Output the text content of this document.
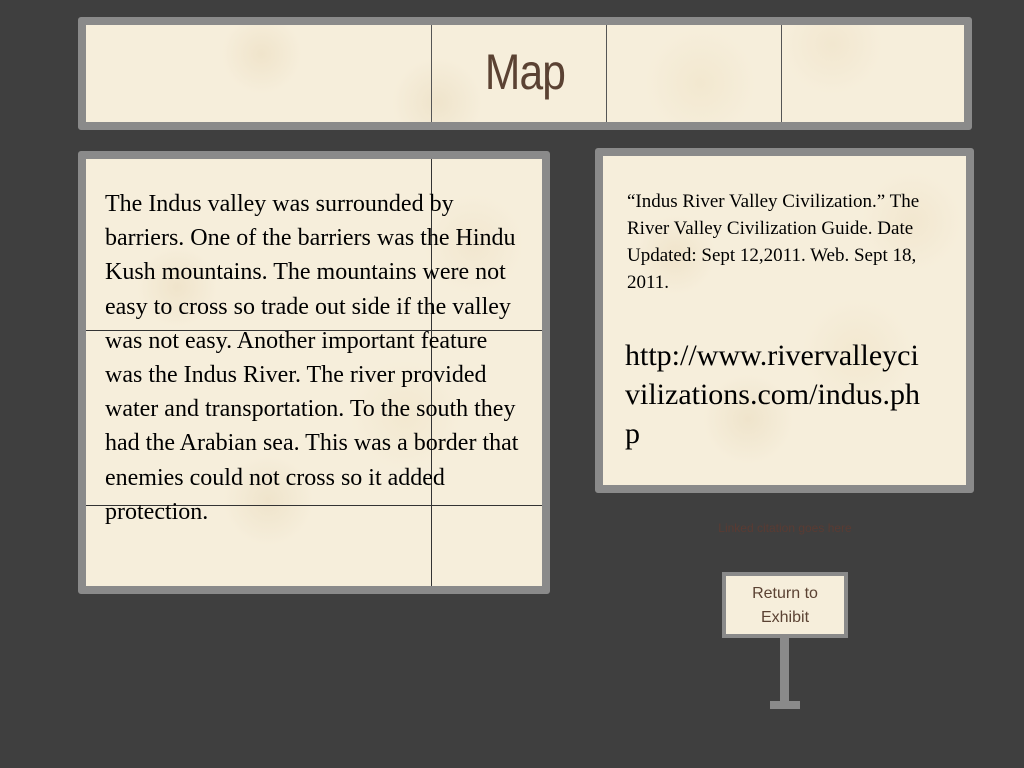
Map
The Indus valley was surrounded by barriers. One of the barriers was the Hindu Kush mountains. The mountains were not easy to cross so trade out side if the valley was not easy. Another important feature was the Indus River. The river provided water and transportation. To the south they had the Arabian sea. This was a border that enemies could not cross so it added protection.
“Indus River Valley Civilization.” The River Valley Civilization Guide. Date Updated: Sept 12,2011. Web. Sept 18, 2011.
http://www.rivervalleycivilizations.com/indus.php
Linked citation goes here
Return to Exhibit
